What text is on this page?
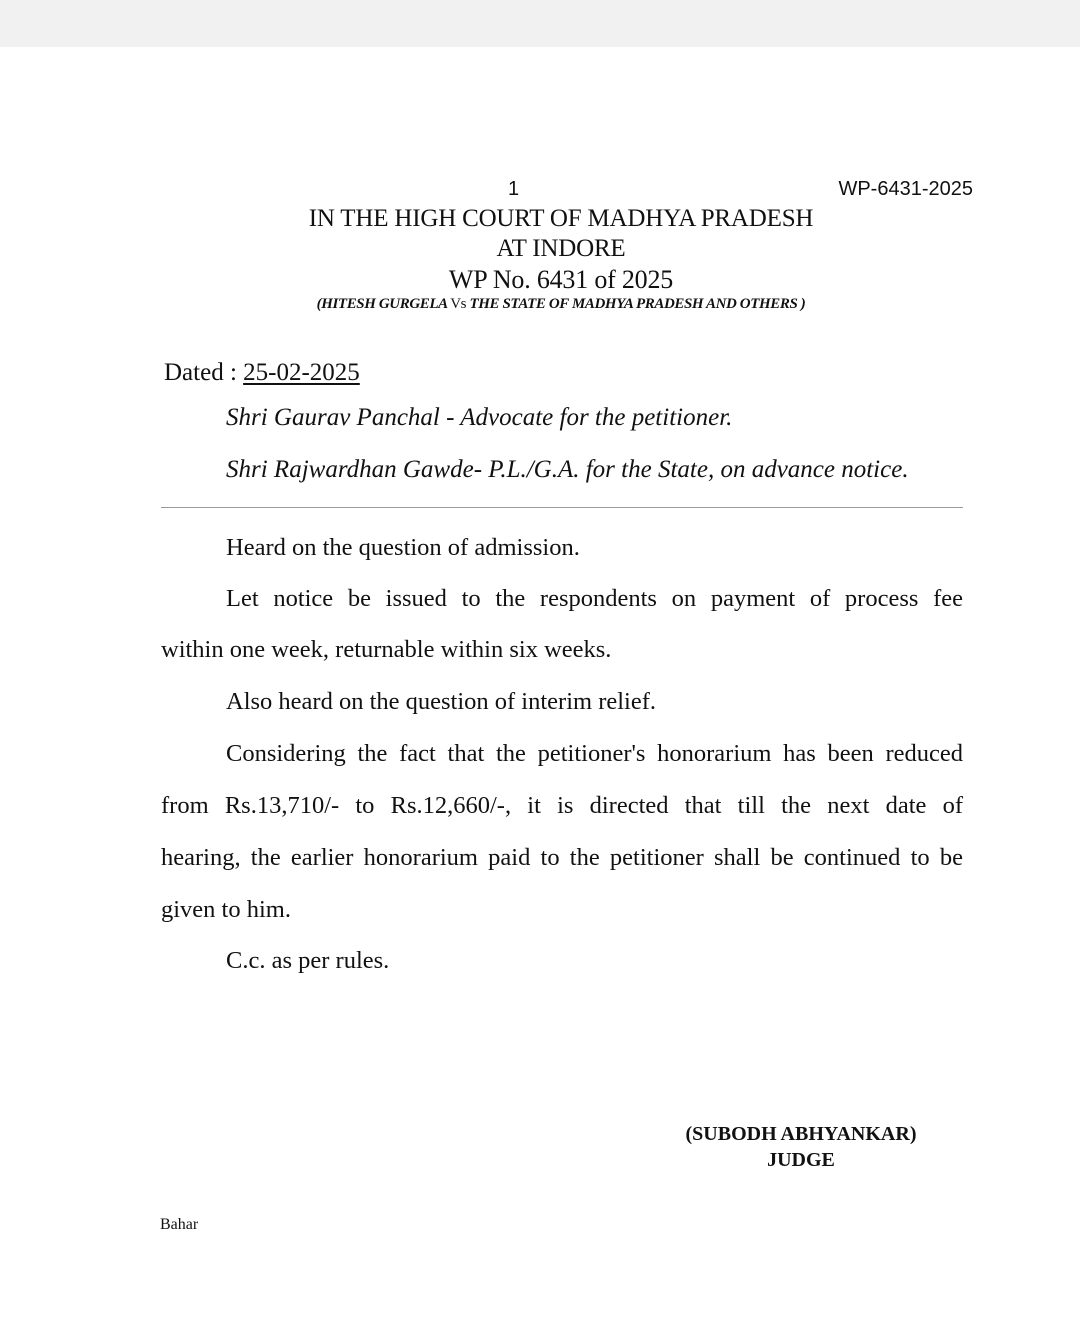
1	WP-6431-2025
IN THE HIGH COURT OF MADHYA PRADESH
AT INDORE
WP No. 6431 of 2025
(HITESH GURGELA Vs THE STATE OF MADHYA PRADESH AND OTHERS )
Dated : 25-02-2025
Shri Gaurav Panchal - Advocate for the petitioner.
Shri Rajwardhan Gawde- P.L./G.A. for the State, on advance notice.
Heard on the question of admission.
Let notice be issued to the respondents on payment of process fee
within one week, returnable within six weeks.
Also heard on the question of interim relief.
Considering the fact that the petitioner's honorarium has been reduced
from Rs.13,710/- to Rs.12,660/-, it is directed that till the next date of
hearing, the earlier honorarium paid to the petitioner shall be continued to be
given to him.
C.c. as per rules.
(SUBODH ABHYANKAR)
JUDGE
Bahar
